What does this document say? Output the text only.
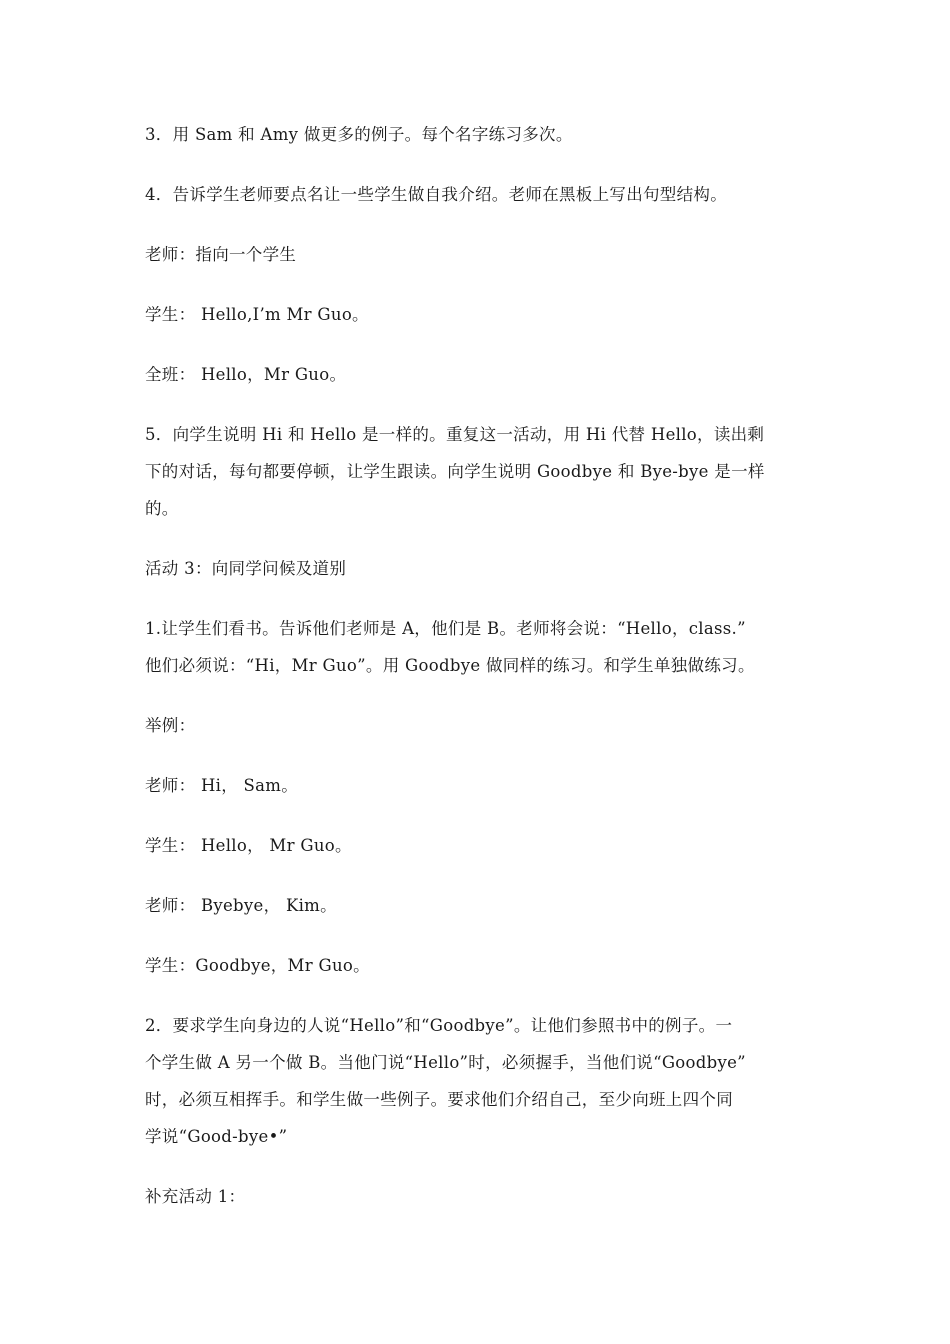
3．用 Sam 和 Amy 做更多的例子。每个名字练习多次。

4．告诉学生老师要点名让一些学生做自我介绍。老师在黑板上写出句型结构。

老师：指向一个学生

学生： Hello,I’m Mr Guo。

全班： Hello，Mr Guo。

5．向学生说明 Hi 和 Hello 是一样的。重复这一活动，用 Hi 代替 Hello，读出剩
下的对话，每句都要停顿，让学生跟读。向学生说明 Goodbye 和 Bye-bye 是一样
的。

活动 3：向同学问候及道别

1.让学生们看书。告诉他们老师是 A，他们是 B。老师将会说：“Hello，class.”
他们必须说：“Hi，Mr Guo”。用 Goodbye 做同样的练习。和学生单独做练习。

举例：

老师： Hi， Sam。

学生： Hello， Mr Guo。

老师： Byebye， Kim。

学生：Goodbye，Mr Guo。

2．要求学生向身边的人说“Hello”和“Goodbye”。让他们参照书中的例子。一
个学生做 A 另一个做 B。当他门说“Hello”时，必须握手，当他们说“Goodbye”
时，必须互相挥手。和学生做一些例子。要求他们介绍自己，至少向班上四个同
学说“Good-bye•”

补充活动 1：
